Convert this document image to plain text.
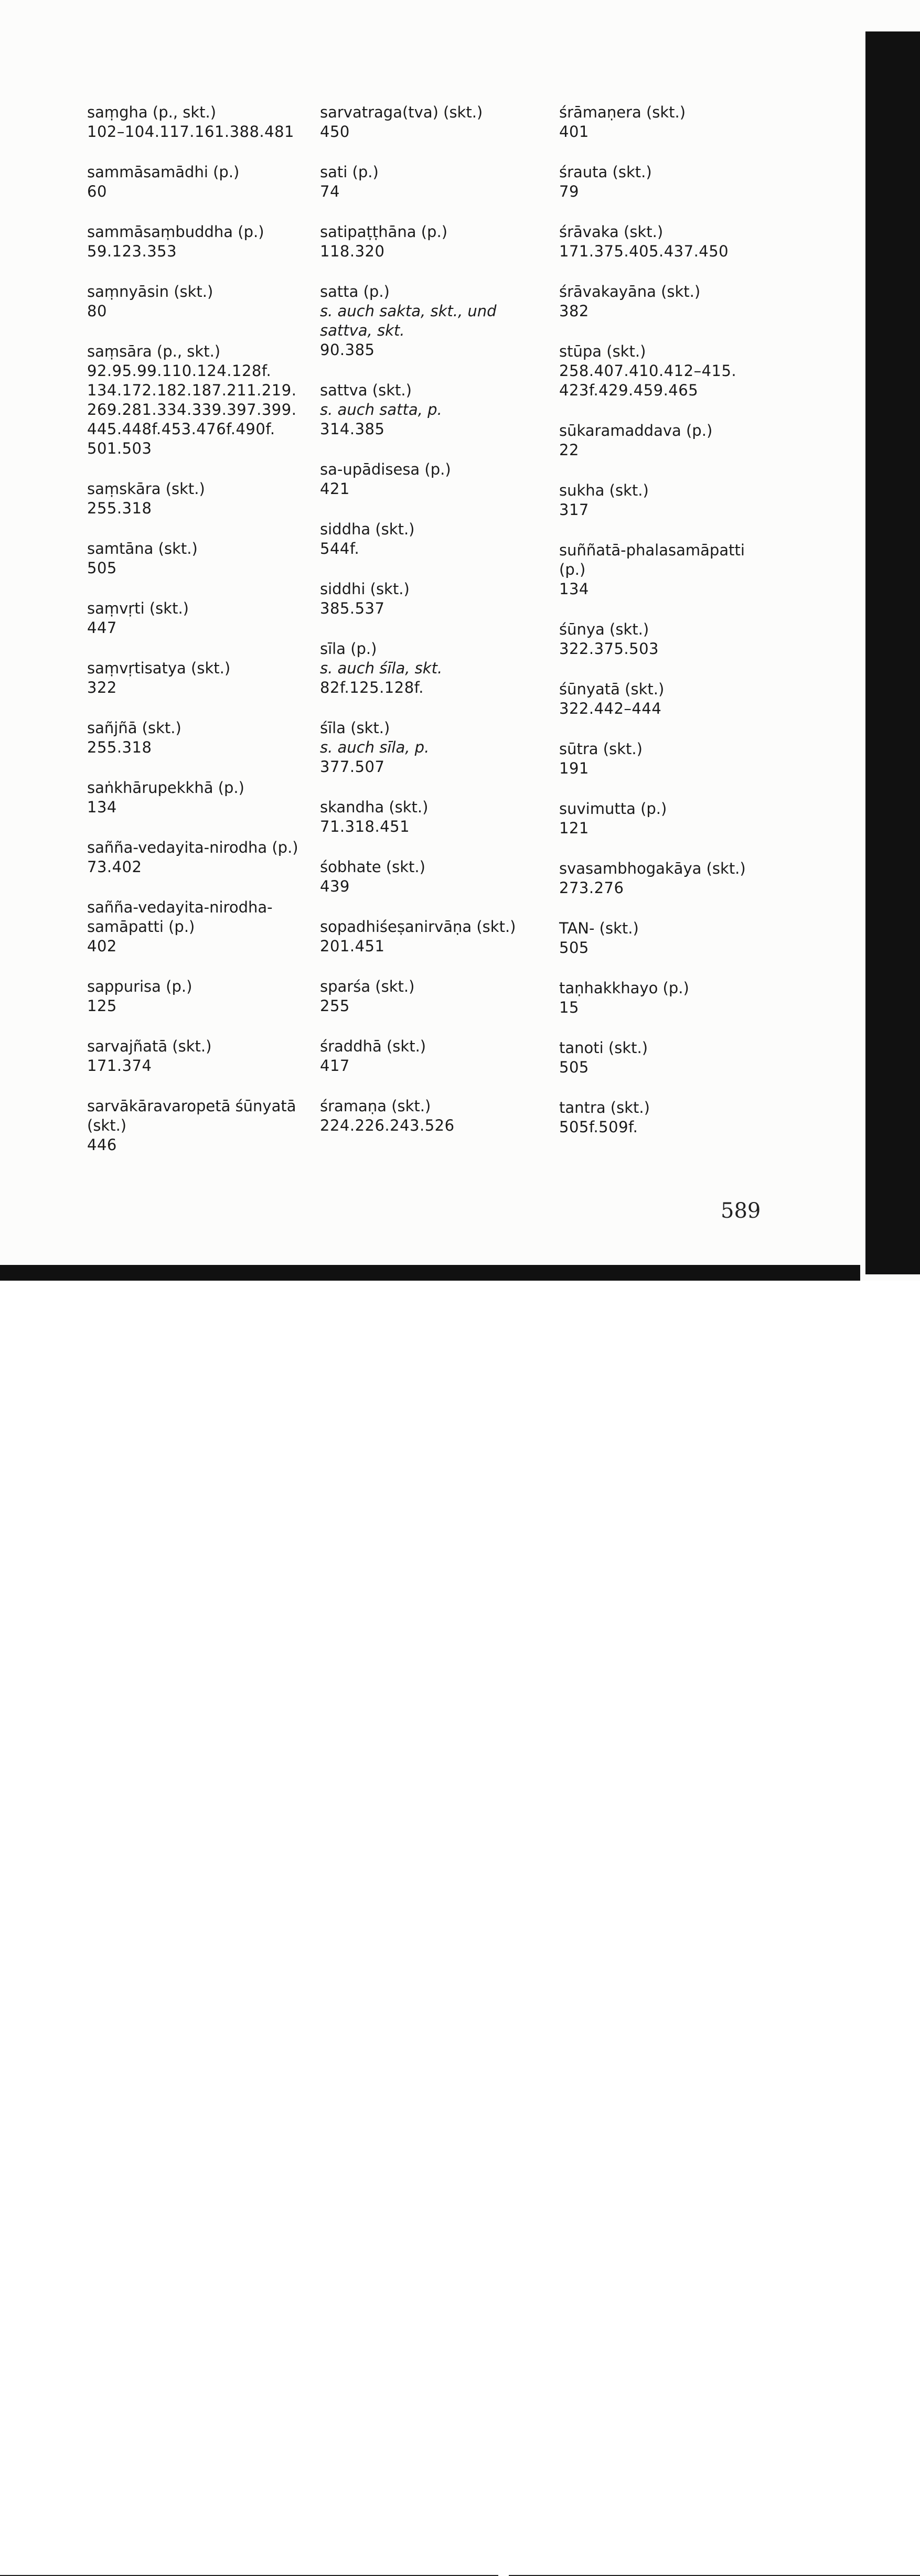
saṃgha (p., skt.)
102–104.117.161.388.481
sammāsamādhi (p.)
60
sammāsaṃbuddha (p.)
59.123.353
saṃnyāsin (skt.)
80
saṃsāra (p., skt.)
92.95.99.110.124.128f.
134.172.182.187.211.219.
269.281.334.339.397.399.
445.448f.453.476f.490f.
501.503
saṃskāra (skt.)
255.318
samtāna (skt.)
505
saṃvṛti (skt.)
447
saṃvṛtisatya (skt.)
322
sañjñā (skt.)
255.318
saṅkhārupekkhā (p.)
134
sañña-vedayita-nirodha (p.)
73.402
sañña-vedayita-nirodha-
samāpatti (p.)
402
sappurisa (p.)
125
sarvajñatā (skt.)
171.374
sarvākāravaropetā śūnyatā
(skt.)
446
sarvatraga(tva) (skt.)
450
sati (p.)
74
satipaṭṭhāna (p.)
118.320
satta (p.)
s. auch sakta, skt., und
sattva, skt.
90.385
sattva (skt.)
s. auch satta, p.
314.385
sa-upādisesa (p.)
421
siddha (skt.)
544f.
siddhi (skt.)
385.537
sīla (p.)
s. auch śīla, skt.
82f.125.128f.
śīla (skt.)
s. auch sīla, p.
377.507
skandha (skt.)
71.318.451
śobhate (skt.)
439
sopadhiśeṣanirvāṇa (skt.)
201.451
sparśa (skt.)
255
śraddhā (skt.)
417
śramaṇa (skt.)
224.226.243.526
śrāmaṇera (skt.)
401
śrauta (skt.)
79
śrāvaka (skt.)
171.375.405.437.450
śrāvakayāna (skt.)
382
stūpa (skt.)
258.407.410.412–415.
423f.429.459.465
sūkaramaddava (p.)
22
sukha (skt.)
317
suññatā-phalasamāpatti
(p.)
134
śūnya (skt.)
322.375.503
śūnyatā (skt.)
322.442–444
sūtra (skt.)
191
suvimutta (p.)
121
svasambhogakāya (skt.)
273.276
TAN- (skt.)
505
taṇhakkhayo (p.)
15
tanoti (skt.)
505
tantra (skt.)
505f.509f.
589
